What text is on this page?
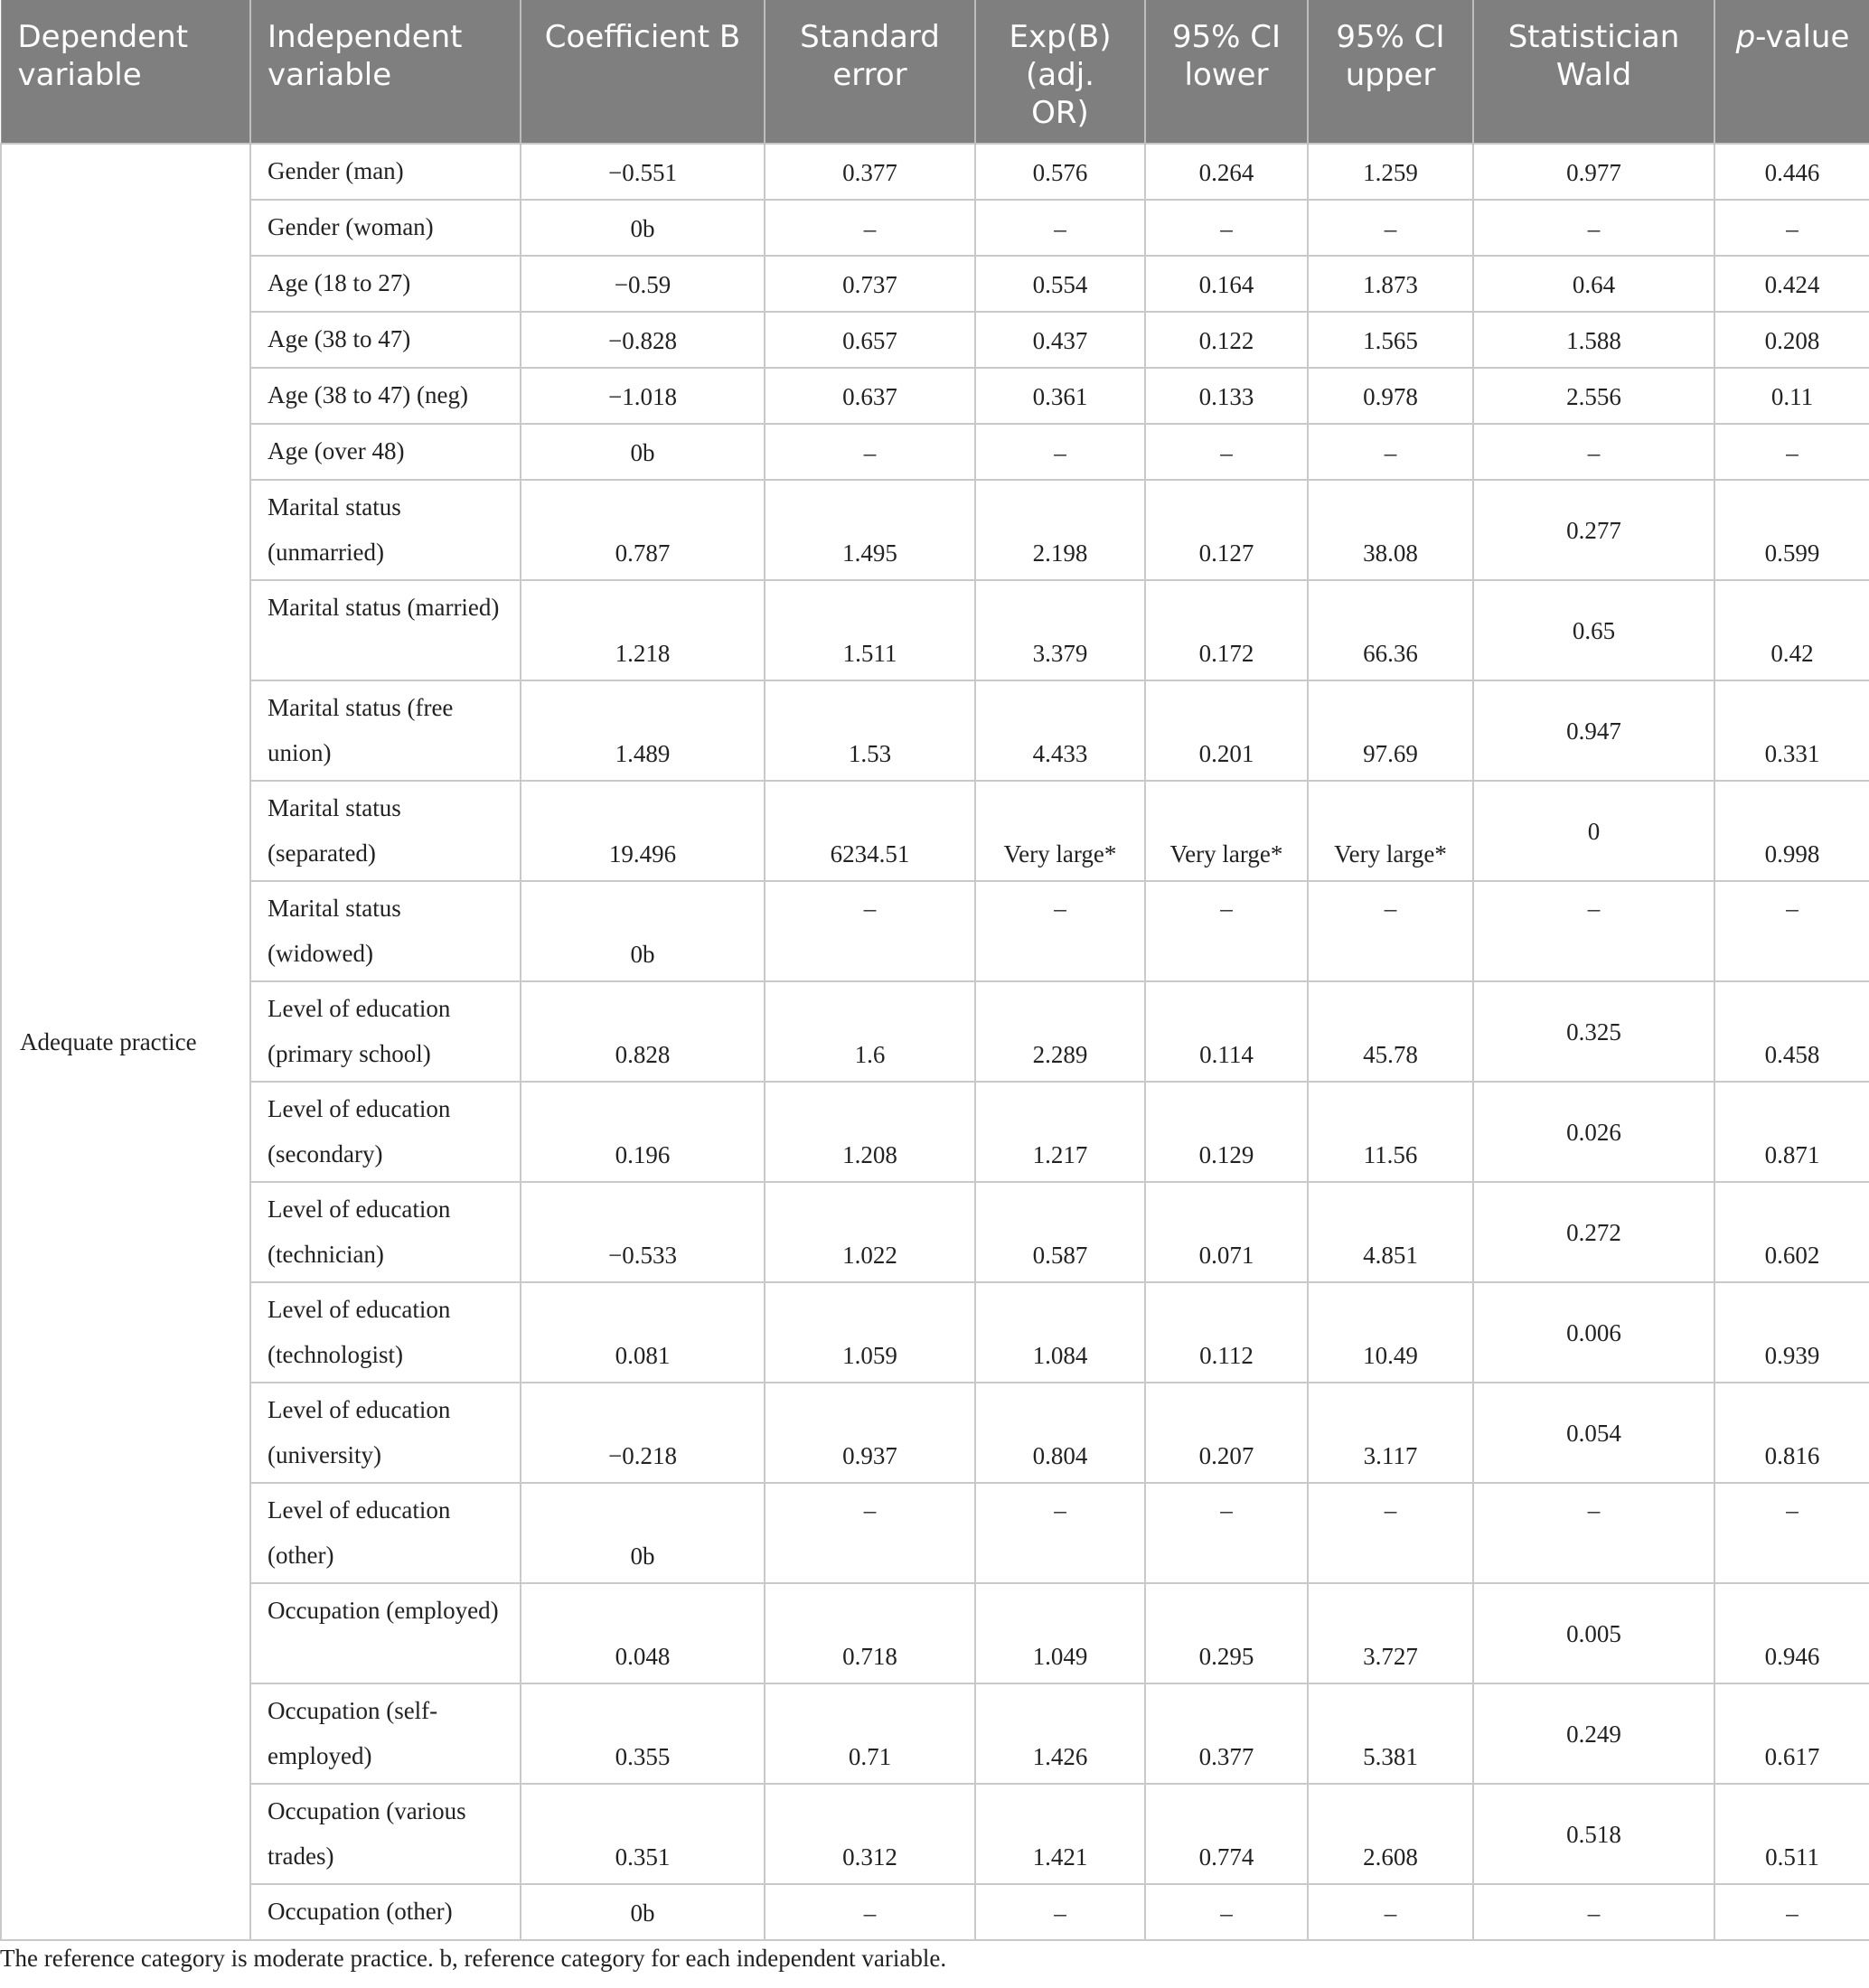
Dependent variable	Independent variable	Coefficient B	Standard error	Exp(B) (adj. OR)	95% CI lower	95% CI upper	Statistician Wald	p-value
Adequate practice	Gender (man)	−0.551	0.377	0.576	0.264	1.259	0.977	0.446
	Gender (woman)	0b	–	–	–	–	–	–
	Age (18 to 27)	−0.59	0.737	0.554	0.164	1.873	0.64	0.424
	Age (38 to 47)	−0.828	0.657	0.437	0.122	1.565	1.588	0.208
	Age (38 to 47) (neg)	−1.018	0.637	0.361	0.133	0.978	2.556	0.11
	Age (over 48)	0b	–	–	–	–	–	–
	Marital status (unmarried)	0.787	1.495	2.198	0.127	38.08	0.277	0.599
	Marital status (married)	1.218	1.511	3.379	0.172	66.36	0.65	0.42
	Marital status (free union)	1.489	1.53	4.433	0.201	97.69	0.947	0.331
	Marital status (separated)	19.496	6234.51	Very large*	Very large*	Very large*	0	0.998
	Marital status (widowed)	0b	–	–	–	–	–	–
	Level of education (primary school)	0.828	1.6	2.289	0.114	45.78	0.325	0.458
	Level of education (secondary)	0.196	1.208	1.217	0.129	11.56	0.026	0.871
	Level of education (technician)	−0.533	1.022	0.587	0.071	4.851	0.272	0.602
	Level of education (technologist)	0.081	1.059	1.084	0.112	10.49	0.006	0.939
	Level of education (university)	−0.218	0.937	0.804	0.207	3.117	0.054	0.816
	Level of education (other)	0b	–	–	–	–	–	–
	Occupation (employed)	0.048	0.718	1.049	0.295	3.727	0.005	0.946
	Occupation (self-employed)	0.355	0.71	1.426	0.377	5.381	0.249	0.617
	Occupation (various trades)	0.351	0.312	1.421	0.774	2.608	0.518	0.511
	Occupation (other)	0b	–	–	–	–	–	–

The reference category is moderate practice. b, reference category for each independent variable.
